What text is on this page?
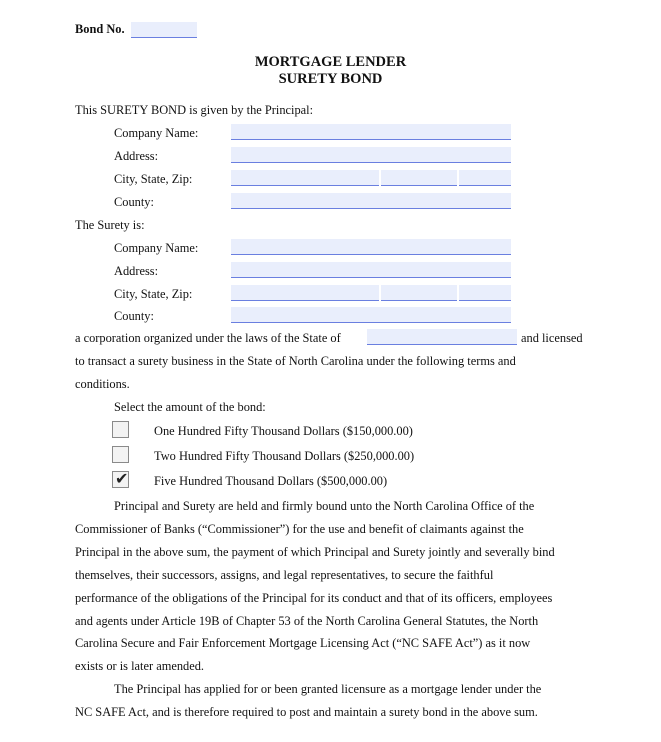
Bond No.
MORTGAGE LENDER
SURETY BOND
This SURETY BOND is given by the Principal:
Company Name:
Address:
City, State, Zip:
County:
The Surety is:
Company Name:
Address:
City, State, Zip:
County:
a corporation organized under the laws of the State of	and licensed
to transact a surety business in the State of North Carolina under the following terms and
conditions.
Select the amount of the bond:
One Hundred Fifty Thousand Dollars ($150,000.00)
Two Hundred Fifty Thousand Dollars ($250,000.00)
✔ Five Hundred Thousand Dollars ($500,000.00)
Principal and Surety are held and firmly bound unto the North Carolina Office of the
Commissioner of Banks (“Commissioner”) for the use and benefit of claimants against the
Principal in the above sum, the payment of which Principal and Surety jointly and severally bind
themselves, their successors, assigns, and legal representatives, to secure the faithful
performance of the obligations of the Principal for its conduct and that of its officers, employees
and agents under Article 19B of Chapter 53 of the North Carolina General Statutes, the North
Carolina Secure and Fair Enforcement Mortgage Licensing Act (“NC SAFE Act”) as it now
exists or is later amended.
The Principal has applied for or been granted licensure as a mortgage lender under the
NC SAFE Act, and is therefore required to post and maintain a surety bond in the above sum.
